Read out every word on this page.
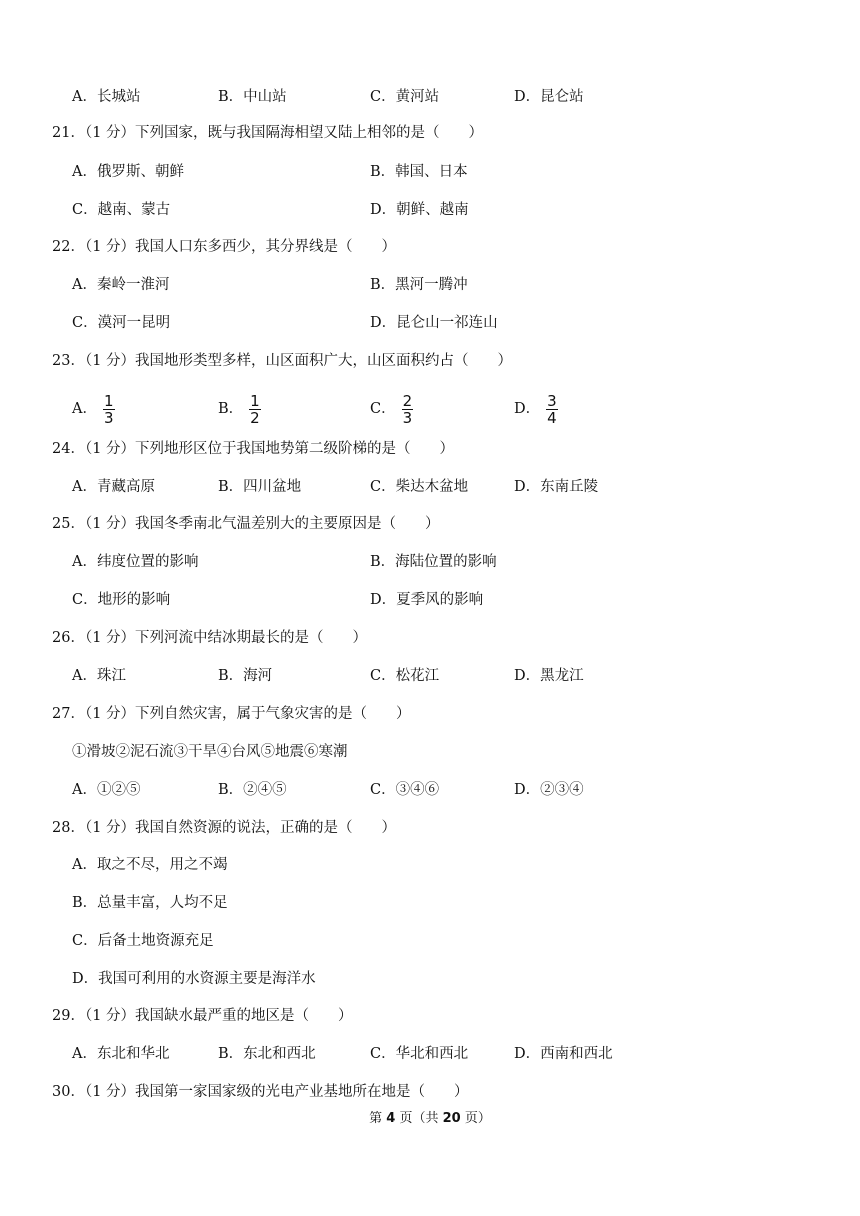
A．长城站	B．中山站	C．黄河站	D．昆仑站
21．（1 分）下列国家，既与我国隔海相望又陆上相邻的是（　　）
A．俄罗斯、朝鲜	B．韩国、日本
C．越南、蒙古	D．朝鲜、越南
22．（1 分）我国人口东多西少，其分界线是（　　）
A．秦岭一淮河	B．黑河一腾冲
C．漠河一昆明	D．昆仑山一祁连山
23．（1 分）我国地形类型多样，山区面积广大，山区面积约占（　　）
A． $\frac{1}{3}$	B． $\frac{1}{2}$	C． $\frac{2}{3}$	D． $\frac{3}{4}$
24．（1 分）下列地形区位于我国地势第二级阶梯的是（　　）
A．青藏高原	B．四川盆地	C．柴达木盆地	D．东南丘陵
25．（1 分）我国冬季南北气温差别大的主要原因是（　　）
A．纬度位置的影响	B．海陆位置的影响
C．地形的影响	D．夏季风的影响
26．（1 分）下列河流中结冰期最长的是（　　）
A．珠江	B．海河	C．松花江	D．黑龙江
27．（1 分）下列自然灾害，属于气象灾害的是（　　）
①滑坡②泥石流③干旱④台风⑤地震⑥寒潮
A．①②⑤	B．②④⑤	C．③④⑥	D．②③④
28．（1 分）我国自然资源的说法，正确的是（　　）
A．取之不尽，用之不竭
B．总量丰富，人均不足
C．后备土地资源充足
D．我国可利用的水资源主要是海洋水
29．（1 分）我国缺水最严重的地区是（　　）
A．东北和华北	B．东北和西北	C．华北和西北	D．西南和西北
30．（1 分）我国第一家国家级的光电产业基地所在地是（　　）
第 4 页（共 20 页）
